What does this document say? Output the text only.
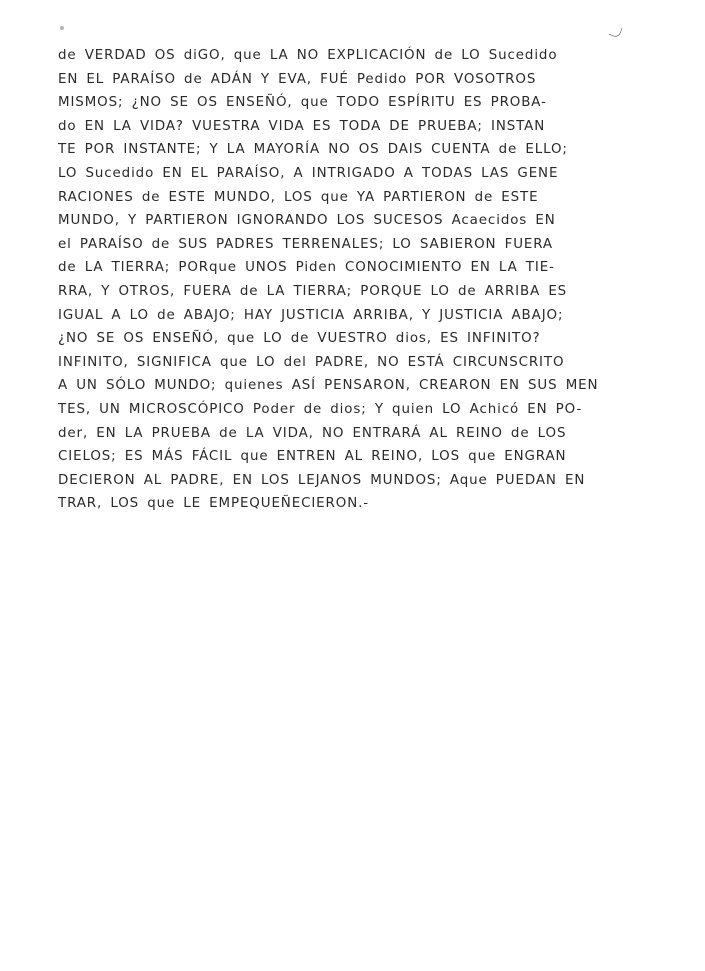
de VERDAD OS diGO, que LA NO EXPLICACIÓN de LO Sucedido
EN EL PARAÍSO de ADÁN Y EVA, FUÉ Pedido POR VOSOTROS
MISMOS; ¿NO SE OS ENSEÑÓ, que TODO ESPÍRITU ES PROBA-
do EN LA VIDA? VUESTRA VIDA ES TODA DE PRUEBA; INSTAN
TE POR INSTANTE; Y LA MAYORÍA NO OS DAIS CUENTA de ELLO;
LO Sucedido EN EL PARAÍSO, A INTRIGADO A TODAS LAS GENE
RACIONES de ESTE MUNDO, LOS que YA PARTIERON de ESTE
MUNDO, Y PARTIERON IGNORANDO LOS SUCESOS Acaecidos EN
el PARAÍSO de SUS PADRES TERRENALES; LO SABIERON FUERA
de LA TIERRA; PORque UNOS Piden CONOCIMIENTO EN LA TIE-
RRA, Y OTROS, FUERA de LA TIERRA; PORQUE LO de ARRIBA ES
IGUAL A LO de ABAJO; HAY JUSTICIA ARRIBA, Y JUSTICIA ABAJO;
¿NO SE OS ENSEÑÓ, que LO de VUESTRO dios, ES INFINITO?
INFINITO, SIGNIFICA que LO del PADRE, NO ESTÁ CIRCUNSCRITO
A UN SÓLO MUNDO; quienes ASÍ PENSARON, CREARON EN SUS MEN
TES, UN MICROSCÓPICO Poder de dios; Y quien LO Achicó EN PO-
der, EN LA PRUEBA de LA VIDA, NO ENTRARÁ AL REINO de LOS
CIELOS; ES MÁS FÁCIL que ENTREN AL REINO, LOS que ENGRAN
DECIERON AL PADRE, EN LOS LEJANOS MUNDOS; Aque PUEDAN EN
TRAR, LOS que LE EMPEQUEÑECIERON.-
